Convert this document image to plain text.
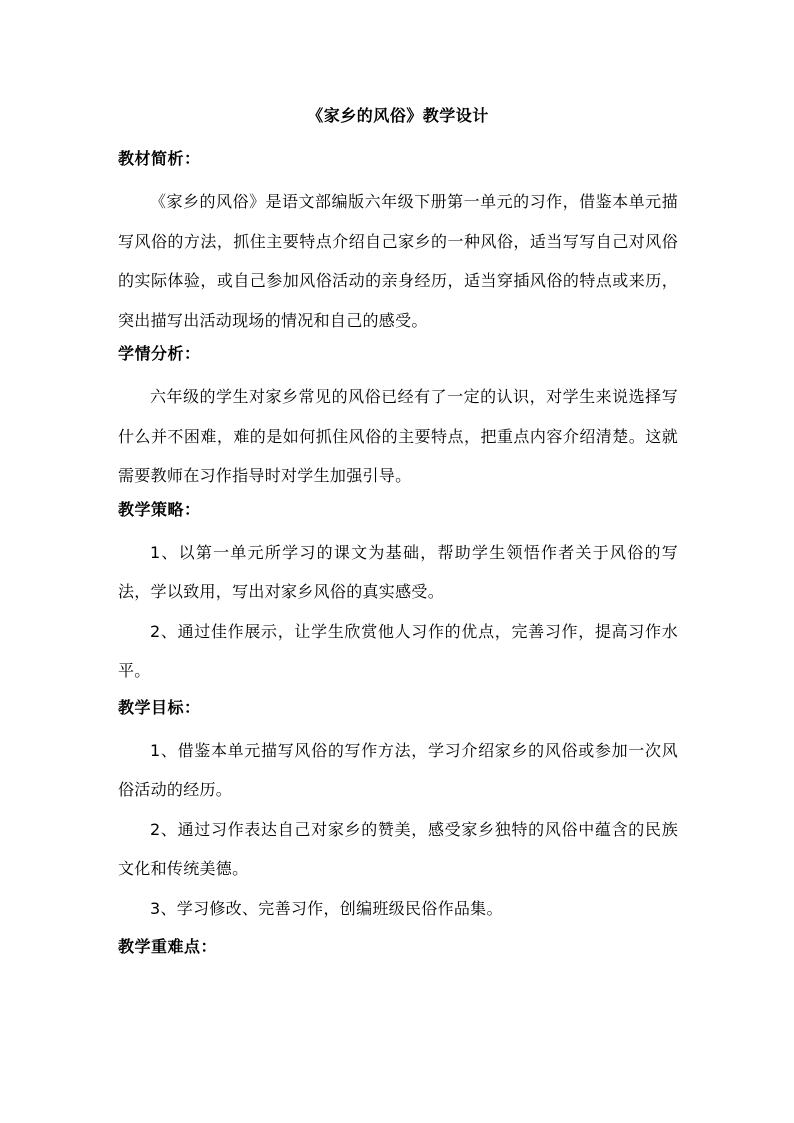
《家乡的风俗》教学设计
教材简析：
《家乡的风俗》是语文部编版六年级下册第一单元的习作，借鉴本单元描写风俗的方法，抓住主要特点介绍自己家乡的一种风俗，适当写写自己对风俗的实际体验，或自己参加风俗活动的亲身经历，适当穿插风俗的特点或来历，突出描写出活动现场的情况和自己的感受。
学情分析：
六年级的学生对家乡常见的风俗已经有了一定的认识，对学生来说选择写什么并不困难，难的是如何抓住风俗的主要特点，把重点内容介绍清楚。这就需要教师在习作指导时对学生加强引导。
教学策略：
1、以第一单元所学习的课文为基础，帮助学生领悟作者关于风俗的写法，学以致用，写出对家乡风俗的真实感受。
2、通过佳作展示，让学生欣赏他人习作的优点，完善习作，提高习作水平。
教学目标：
1、借鉴本单元描写风俗的写作方法，学习介绍家乡的风俗或参加一次风俗活动的经历。
2、通过习作表达自己对家乡的赞美，感受家乡独特的风俗中蕴含的民族文化和传统美德。
3、学习修改、完善习作，创编班级民俗作品集。
教学重难点：
